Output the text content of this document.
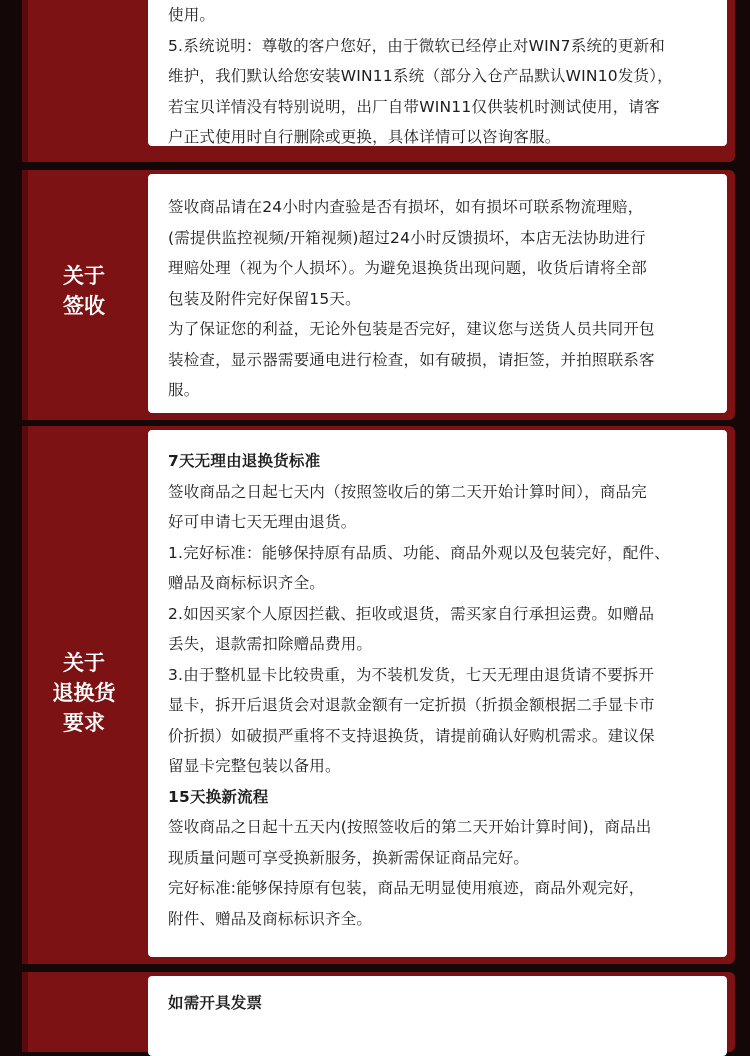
使用。
5.系统说明：尊敬的客户您好，由于微软已经停止对WIN7系统的更新和
维护，我们默认给您安装WIN11系统（部分入仓产品默认WIN10发货），
若宝贝详情没有特别说明，出厂自带WIN11仅供装机时测试使用，请客
户正式使用时自行删除或更换，具体详情可以咨询客服。
关于
签收
签收商品请在24小时内查验是否有损坏，如有损坏可联系物流理赔，
(需提供监控视频/开箱视频)超过24小时反馈损坏，本店无法协助进行
理赔处理（视为个人损坏）。为避免退换货出现问题，收货后请将全部
包装及附件完好保留15天。
为了保证您的利益，无论外包装是否完好，建议您与送货人员共同开包
装检查，显示器需要通电进行检查，如有破损，请拒签，并拍照联系客
服。
关于
退换货
要求
7天无理由退换货标准
签收商品之日起七天内（按照签收后的第二天开始计算时间），商品完
好可申请七天无理由退货。
1.完好标准：能够保持原有品质、功能、商品外观以及包装完好，配件、
赠品及商标标识齐全。
2.如因买家个人原因拦截、拒收或退货，需买家自行承担运费。如赠品
丢失，退款需扣除赠品费用。
3.由于整机显卡比较贵重，为不装机发货，七天无理由退货请不要拆开
显卡，拆开后退货会对退款金额有一定折损（折损金额根据二手显卡市
价折损）如破损严重将不支持退换货，请提前确认好购机需求。建议保
留显卡完整包装以备用。
15天换新流程
签收商品之日起十五天内(按照签收后的第二天开始计算时间)，商品出
现质量问题可享受换新服务，换新需保证商品完好。
完好标准:能够保持原有包装，商品无明显使用痕迹，商品外观完好，
附件、赠品及商标标识齐全。
如需开具发票
